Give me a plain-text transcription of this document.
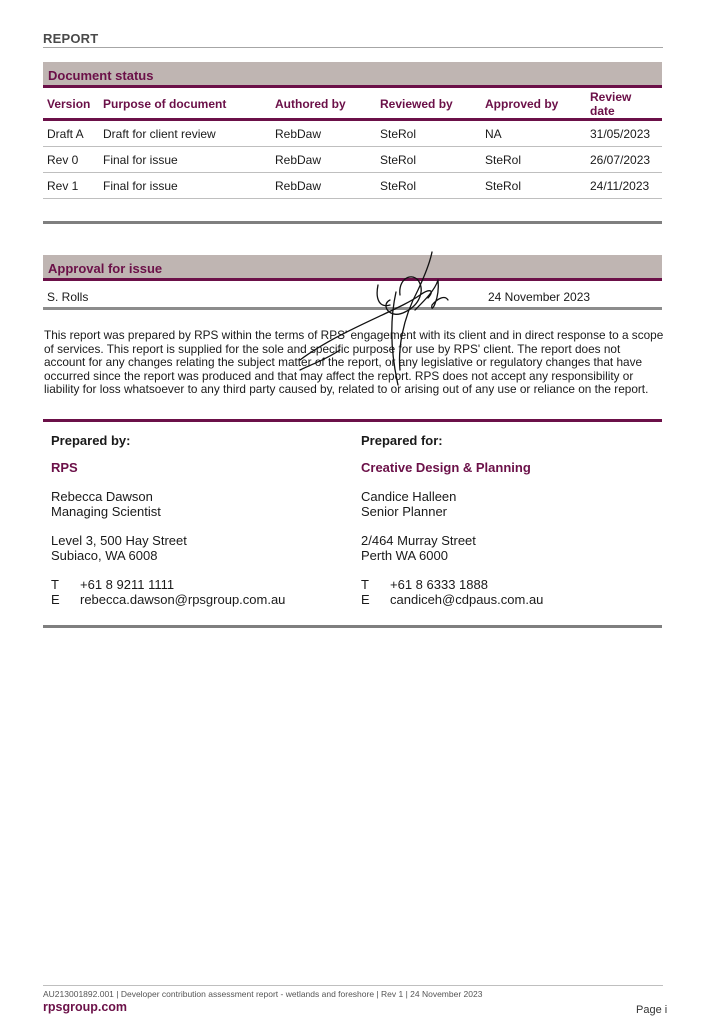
REPORT
Document status
Version	Purpose of document	Authored by	Reviewed by	Approved by	Review date
Draft A	Draft for client review	RebDaw	SteRol	NA	31/05/2023
Rev 0	Final for issue	RebDaw	SteRol	SteRol	26/07/2023
Rev 1	Final for issue	RebDaw	SteRol	SteRol	24/11/2023
Approval for issue
S. Rolls	24 November 2023
This report was prepared by RPS within the terms of RPS' engagement with its client and in direct response to a scope of services. This report is supplied for the sole and specific purpose for use by RPS' client. The report does not account for any changes relating the subject matter of the report, or any legislative or regulatory changes that have occurred since the report was produced and that may affect the report. RPS does not accept any responsibility or liability for loss whatsoever to any third party caused by, related to or arising out of any use or reliance on the report.
Prepared by:
RPS
Rebecca Dawson
Managing Scientist
Level 3, 500 Hay Street
Subiaco, WA 6008
T	+61 8 9211 1111
E	rebecca.dawson@rpsgroup.com.au
Prepared for:
Creative Design & Planning
Candice Halleen
Senior Planner
2/464 Murray Street
Perth WA 6000
T	+61 8 6333 1888
E	candiceh@cdpaus.com.au
AU213001892.001 | Developer contribution assessment report - wetlands and foreshore | Rev 1 | 24 November 2023
rpsgroup.com	Page i
